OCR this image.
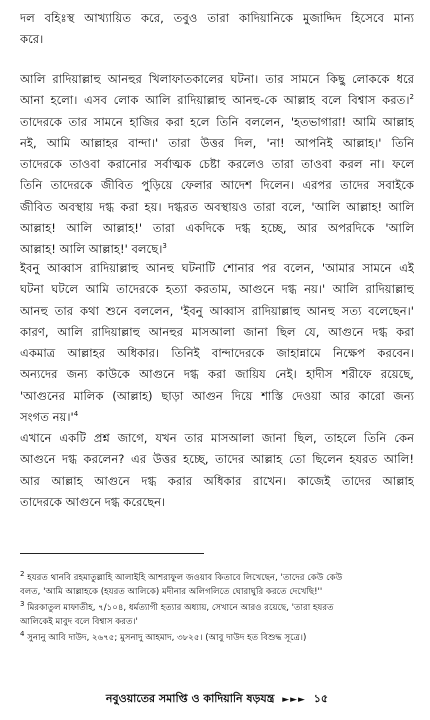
দল বহিঃস্থ আখ্যায়িত করে, তবুও তারা কাদিয়ানিকে মুজাদ্দিদ হিসেবে মান্য
করে।
আলি রাদিয়াল্লাহু আনহুর খিলাফাতকালের ঘটনা। তার সামনে কিছু লোককে ধরে
আনা হলো। এসব লোক আলি রাদিয়াল্লাহু আনহু-কে আল্লাহ বলে বিশ্বাস করত।$^2$
তাদেরকে তার সামনে হাজির করা হলে তিনি বললেন, 'হতভাগারা! আমি আল্লাহ
নই, আমি আল্লাহর বান্দা।' তারা উত্তর দিল, 'না! আপনিই আল্লাহ।' তিনি
তাদেরকে তাওবা করানোর সর্বাত্মক চেষ্টা করলেও তারা তাওবা করল না। ফলে
তিনি তাদেরকে জীবিত পুড়িয়ে ফেলার আদেশ দিলেন। এরপর তাদের সবাইকে
জীবিত অবস্থায় দগ্ধ করা হয়। দগ্ধরত অবস্থায়ও তারা বলে, 'আলি আল্লাহ! আলি
আল্লাহ! আলি আল্লাহ!' তারা একদিকে দগ্ধ হচ্ছে, আর অপরদিকে 'আলি
আল্লাহ! আলি আল্লাহ!' বলছে।$^3$
ইবনু আব্বাস রাদিয়াল্লাহু আনহু ঘটনাটি শোনার পর বলেন, 'আমার সামনে এই
ঘটনা ঘটলে আমি তাদেরকে হত্যা করতাম, আগুনে দগ্ধ নয়।' আলি রাদিয়াল্লাহু
আনহু তার কথা শুনে বললেন, 'ইবনু আব্বাস রাদিয়াল্লাহু আনহু সত্য বলেছেন।'
কারণ, আলি রাদিয়াল্লাহু আনহুর মাসআলা জানা ছিল যে, আগুনে দগ্ধ করা
একমাত্র আল্লাহর অধিকার। তিনিই বান্দাদেরকে জাহান্নামে নিক্ষেপ করবেন।
অন্যদের জন্য কাউকে আগুনে দগ্ধ করা জায়িয নেই। হাদীস শরীফে রয়েছে,
'আগুনের মালিক (আল্লাহ) ছাড়া আগুন দিয়ে শাস্তি দেওয়া আর কারো জন্য
সংগত $নয়।'^4$
এখানে একটি প্রশ্ন জাগে, যখন তার মাসআলা জানা ছিল, তাহলে তিনি কেন
আগুনে দগ্ধ করলেন? এর উত্তর হচ্ছে, তাদের আল্লাহ তো ছিলেন হযরত আলি!
আর আল্লাহ আগুনে দগ্ধ করার অধিকার রাখেন। কাজেই তাদের আল্লাহ
তাদেরকে আগুনে দগ্ধ করেছেন।
$^2$ হযরত থানবি রহমাতুল্লাহি আলাইহি আশরাফুল জওয়াব কিতাবে লিখেছেন, 'তাদের কেউ কেউ
বলত, 'আমি আল্লাহকে (হযরত আলিকে) মদীনার অলিগলিতে ঘোরাঘুরি করতে দেখেছি!''
$^3$ মিরকাতুল মাফাতীহ, ৭/১০৪, ধর্মত্যাগী হত্যার অধ্যায়, সেখানে আরও রয়েছে, 'তারা হযরত
আলিকেই মাবুদ বলে বিশ্বাস করত।'
$^4$ সুনানু আবি দাউদ, ২৬৭৫; মুসনাদু আহমাদ, ৩৮২৫। (আবু দাউদ হত বিশুদ্ধ সূত্রে।)
নবুওয়াতের সমাপ্তি ও কাদিয়ানি ষড়যন্ত্র ►►► ১৫
